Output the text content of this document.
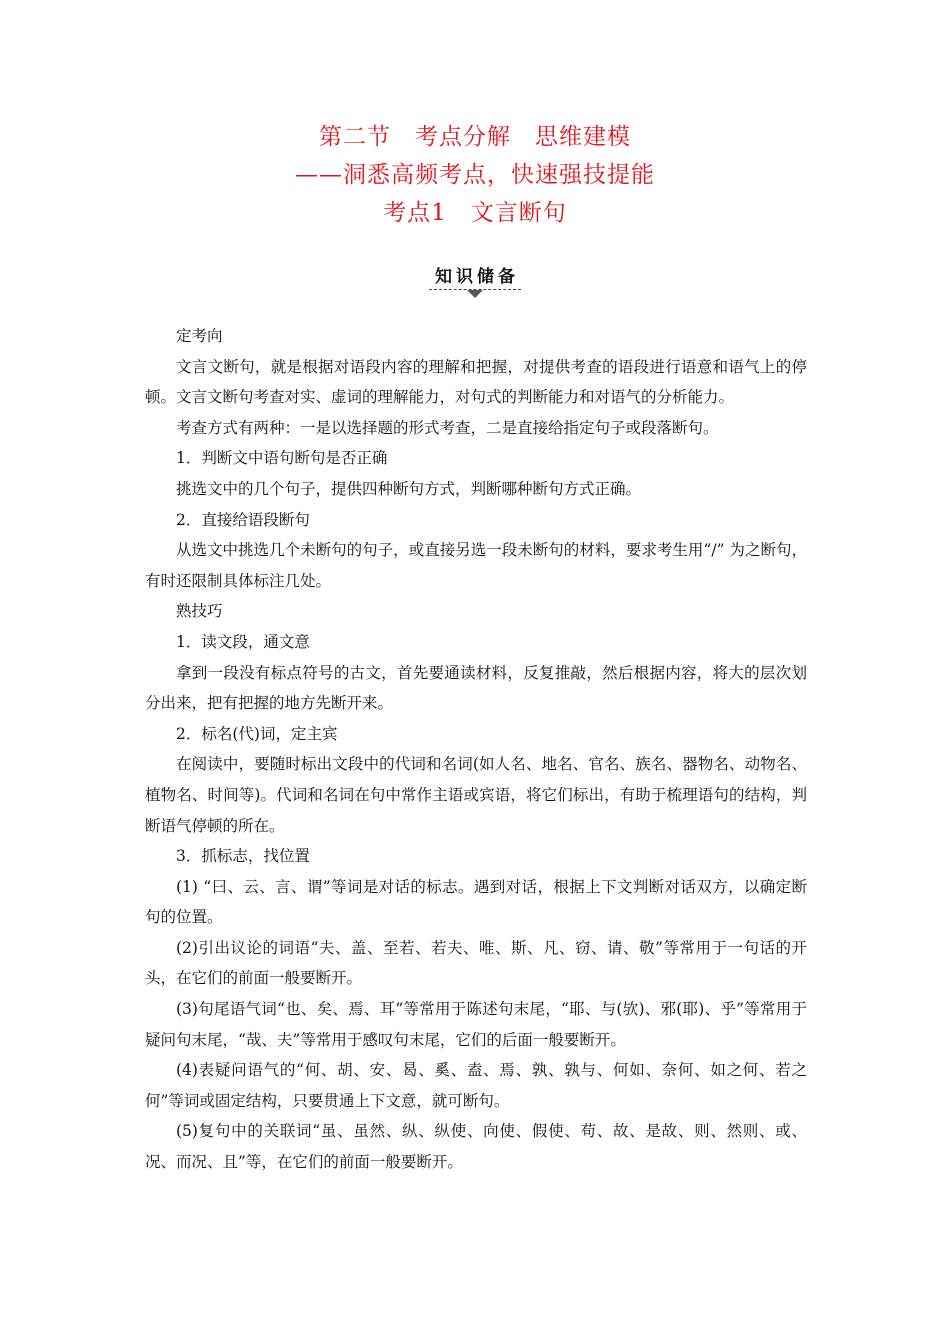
第二节　考点分解　思维建模
——洞悉高频考点，快速强技提能
考点1　文言断句
知识储备

定考向

文言文断句，就是根据对语段内容的理解和把握，对提供考查的语段进行语意和语气上的停顿。文言文断句考查对实、虚词的理解能力，对句式的判断能力和对语气的分析能力。

考查方式有两种：一是以选择题的形式考查，二是直接给指定句子或段落断句。

1．判断文中语句断句是否正确

挑选文中的几个句子，提供四种断句方式，判断哪种断句方式正确。

2．直接给语段断句

从选文中挑选几个未断句的句子，或直接另选一段未断句的材料，要求考生用“/” 为之断句，有时还限制具体标注几处。

熟技巧

1．读文段，通文意

拿到一段没有标点符号的古文，首先要通读材料，反复推敲，然后根据内容，将大的层次划分出来，把有把握的地方先断开来。

2．标名(代)词，定主宾

在阅读中，要随时标出文段中的代词和名词(如人名、地名、官名、族名、器物名、动物名、植物名、时间等)。代词和名词在句中常作主语或宾语，将它们标出，有助于梳理语句的结构，判断语气停顿的所在。

3．抓标志，找位置

(1) “曰、云、言、谓”等词是对话的标志。遇到对话，根据上下文判断对话双方，以确定断句的位置。

(2)引出议论的词语“夫、盖、至若、若夫、唯、斯、凡、窃、请、敬”等常用于一句话的开头，在它们的前面一般要断开。

(3)句尾语气词“也、矣、焉、耳”等常用于陈述句末尾，“耶、与(欤)、邪(耶)、乎”等常用于疑问句末尾，“哉、夫”等常用于感叹句末尾，它们的后面一般要断开。

(4)表疑问语气的“何、胡、安、曷、奚、盍、焉、孰、孰与、何如、奈何、如之何、若之何”等词或固定结构，只要贯通上下文意，就可断句。

(5)复句中的关联词“虽、虽然、纵、纵使、向使、假使、苟、故、是故、则、然则、或、况、而况、且”等，在它们的前面一般要断开。
